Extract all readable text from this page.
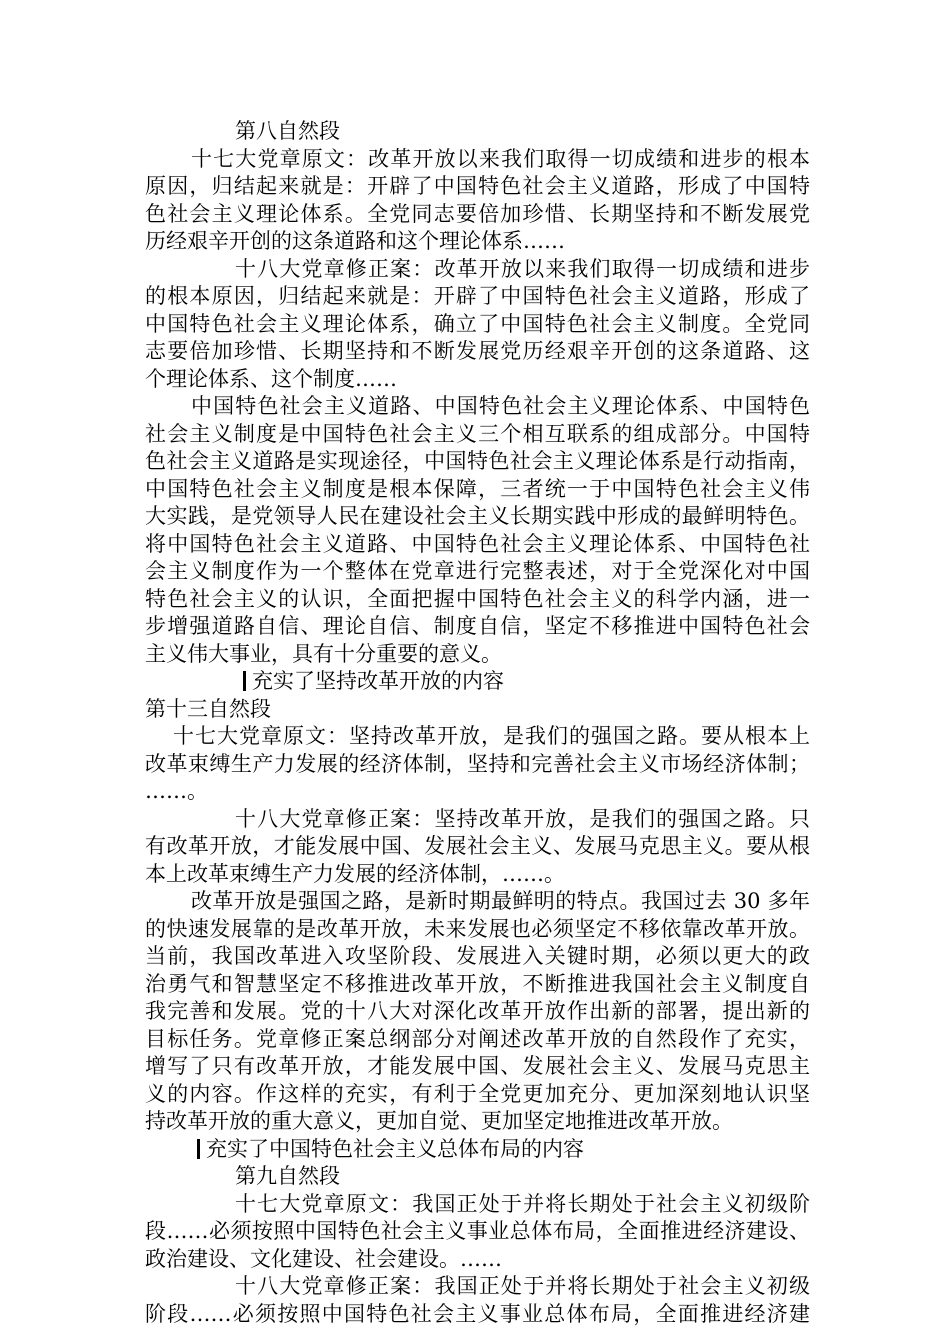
第八自然段
十七大党章原文：改革开放以来我们取得一切成绩和进步的根本
原因，归结起来就是：开辟了中国特色社会主义道路，形成了中国特
色社会主义理论体系。全党同志要倍加珍惜、长期坚持和不断发展党
历经艰辛开创的这条道路和这个理论体系……
十八大党章修正案：改革开放以来我们取得一切成绩和进步
的根本原因，归结起来就是：开辟了中国特色社会主义道路，形成了
中国特色社会主义理论体系，确立了中国特色社会主义制度。全党同
志要倍加珍惜、长期坚持和不断发展党历经艰辛开创的这条道路、这
个理论体系、这个制度……
中国特色社会主义道路、中国特色社会主义理论体系、中国特色
社会主义制度是中国特色社会主义三个相互联系的组成部分。中国特
色社会主义道路是实现途径，中国特色社会主义理论体系是行动指南，
中国特色社会主义制度是根本保障，三者统一于中国特色社会主义伟
大实践，是党领导人民在建设社会主义长期实践中形成的最鲜明特色。
将中国特色社会主义道路、中国特色社会主义理论体系、中国特色社
会主义制度作为一个整体在党章进行完整表述，对于全党深化对中国
特色社会主义的认识，全面把握中国特色社会主义的科学内涵，进一
步增强道路自信、理论自信、制度自信，坚定不移推进中国特色社会
主义伟大事业，具有十分重要的意义。
充实了坚持改革开放的内容
第十三自然段
十七大党章原文：坚持改革开放，是我们的强国之路。要从根本上
改革束缚生产力发展的经济体制，坚持和完善社会主义市场经济体制；
……。
十八大党章修正案：坚持改革开放，是我们的强国之路。只
有改革开放，才能发展中国、发展社会主义、发展马克思主义。要从根
本上改革束缚生产力发展的经济体制，……。
改革开放是强国之路，是新时期最鲜明的特点。我国过去 30 多年
的快速发展靠的是改革开放，未来发展也必须坚定不移依靠改革开放。
当前，我国改革进入攻坚阶段、发展进入关键时期，必须以更大的政
治勇气和智慧坚定不移推进改革开放，不断推进我国社会主义制度自
我完善和发展。党的十八大对深化改革开放作出新的部署，提出新的
目标任务。党章修正案总纲部分对阐述改革开放的自然段作了充实，
增写了只有改革开放，才能发展中国、发展社会主义、发展马克思主
义的内容。作这样的充实，有利于全党更加充分、更加深刻地认识坚
持改革开放的重大意义，更加自觉、更加坚定地推进改革开放。
充实了中国特色社会主义总体布局的内容
第九自然段
十七大党章原文：我国正处于并将长期处于社会主义初级阶
段……必须按照中国特色社会主义事业总体布局，全面推进经济建设、
政治建设、文化建设、社会建设。……
十八大党章修正案：我国正处于并将长期处于社会主义初级
阶段……必须按照中国特色社会主义事业总体布局，全面推进经济建
